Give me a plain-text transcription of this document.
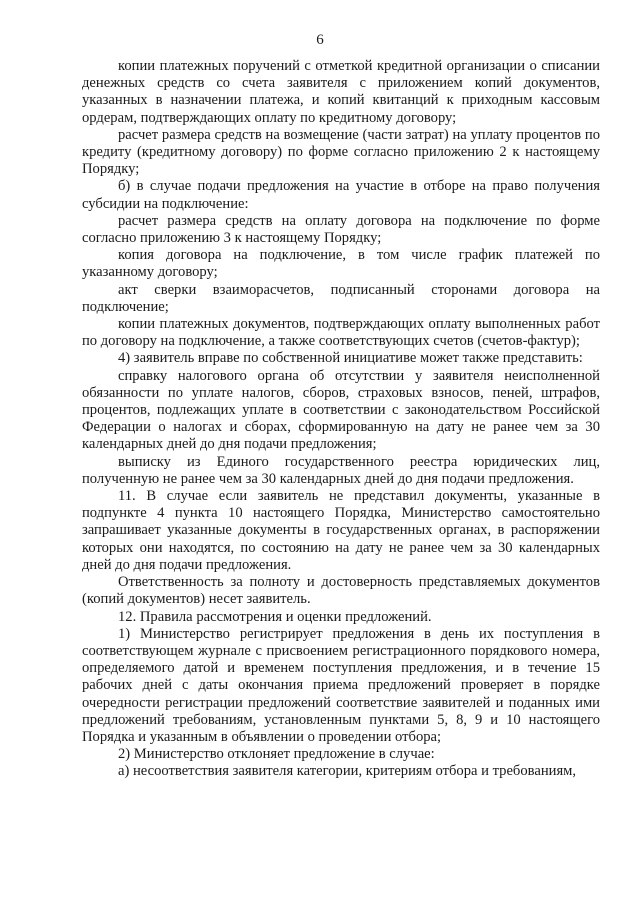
6

копии платежных поручений с отметкой кредитной организации о списании денежных средств со счета заявителя с приложением копий документов, указанных в назначении платежа, и копий квитанций к приходным кассовым ордерам, подтверждающих оплату по кредитному договору;

расчет размера средств на возмещение (части затрат) на уплату процентов по кредиту (кредитному договору) по форме согласно приложению 2 к настоящему Порядку;

б) в случае подачи предложения на участие в отборе на право получения субсидии на подключение:

расчет размера средств на оплату договора на подключение по форме согласно приложению 3 к настоящему Порядку;

копия договора на подключение, в том числе график платежей по указанному договору;

акт сверки взаиморасчетов, подписанный сторонами договора на подключение;

копии платежных документов, подтверждающих оплату выполненных работ по договору на подключение, а также соответствующих счетов (счетов-фактур);

4) заявитель вправе по собственной инициативе может также представить:

справку налогового органа об отсутствии у заявителя неисполненной обязанности по уплате налогов, сборов, страховых взносов, пеней, штрафов, процентов, подлежащих уплате в соответствии с законодательством Российской Федерации о налогах и сборах, сформированную на дату не ранее чем за 30 календарных дней до дня подачи предложения;

выписку из Единого государственного реестра юридических лиц, полученную не ранее чем за 30 календарных дней до дня подачи предложения.

11. В случае если заявитель не представил документы, указанные в подпункте 4 пункта 10 настоящего Порядка, Министерство самостоятельно запрашивает указанные документы в государственных органах, в распоряжении которых они находятся, по состоянию на дату не ранее чем за 30 календарных дней до дня подачи предложения.

Ответственность за полноту и достоверность представляемых документов (копий документов) несет заявитель.

12. Правила рассмотрения и оценки предложений.

1) Министерство регистрирует предложения в день их поступления в соответствующем журнале с присвоением регистрационного порядкового номера, определяемого датой и временем поступления предложения, и в течение 15 рабочих дней с даты окончания приема предложений проверяет в порядке очередности регистрации предложений соответствие заявителей и поданных ими предложений требованиям, установленным пунктами 5, 8, 9 и 10 настоящего Порядка и указанным в объявлении о проведении отбора;

2) Министерство отклоняет предложение в случае:

а) несоответствия заявителя категории, критериям отбора и требованиям,
